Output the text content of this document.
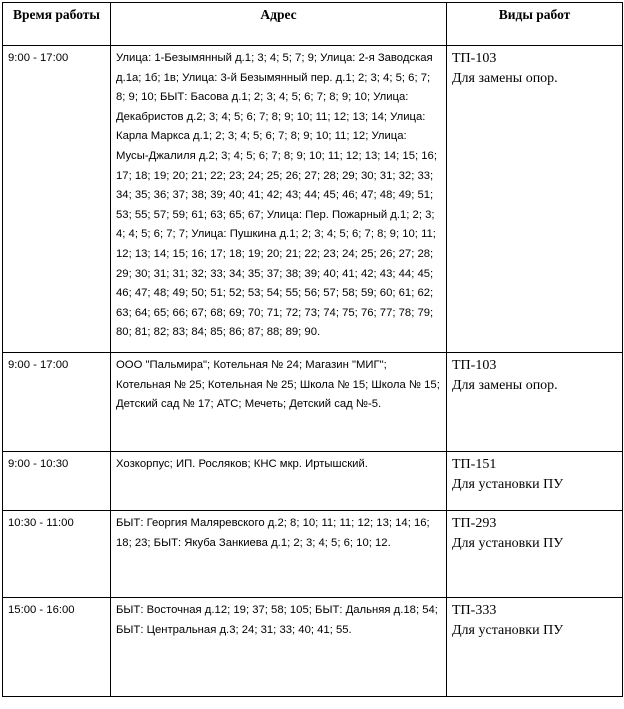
Время работы	Адрес	Виды работ
9:00 - 17:00	Улица: 1-Безымянный д.1; 3; 4; 5; 7; 9; Улица: 2-я Заводская д.1а; 1б; 1в; Улица: 3-й Безымянный пер. д.1; 2; 3; 4; 5; 6; 7; 8; 9; 10; БЫТ: Басова д.1; 2; 3; 4; 5; 6; 7; 8; 9; 10; Улица: Декабристов д.2; 3; 4; 5; 6; 7; 8; 9; 10; 11; 12; 13; 14; Улица: Карла Маркса д.1; 2; 3; 4; 5; 6; 7; 8; 9; 10; 11; 12; Улица: Мусы-Джалиля д.2; 3; 4; 5; 6; 7; 8; 9; 10; 11; 12; 13; 14; 15; 16; 17; 18; 19; 20; 21; 22; 23; 24; 25; 26; 27; 28; 29; 30; 31; 32; 33; 34; 35; 36; 37; 38; 39; 40; 41; 42; 43; 44; 45; 46; 47; 48; 49; 51; 53; 55; 57; 59; 61; 63; 65; 67; Улица: Пер. Пожарный д.1; 2; 3; 4; 4; 5; 6; 7; 7; Улица: Пушкина д.1; 2; 3; 4; 5; 6; 7; 8; 9; 10; 11; 12; 13; 14; 15; 16; 17; 18; 19; 20; 21; 22; 23; 24; 25; 26; 27; 28; 29; 30; 31; 31; 32; 33; 34; 35; 37; 38; 39; 40; 41; 42; 43; 44; 45; 46; 47; 48; 49; 50; 51; 52; 53; 54; 55; 56; 57; 58; 59; 60; 61; 62; 63; 64; 65; 66; 67; 68; 69; 70; 71; 72; 73; 74; 75; 76; 77; 78; 79; 80; 81; 82; 83; 84; 85; 86; 87; 88; 89; 90.	ТП-103
Для замены опор.

9:00 - 17:00	ООО "Пальмира"; Котельная № 24; Магазин "МИГ"; Котельная № 25; Котельная № 25; Школа № 15; Школа № 15; Детский сад № 17; АТС; Мечеть; Детский сад №-5.	ТП-103
Для замены опор.

9:00 - 10:30	Хозкорпус; ИП. Росляков; КНС мкр. Иртышский.	ТП-151
Для установки ПУ

10:30 - 11:00	БЫТ: Георгия Маляревского д.2; 8; 10; 11; 11; 12; 13; 14; 16; 18; 23; БЫТ: Якуба Занкиева д.1; 2; 3; 4; 5; 6; 10; 12.	ТП-293
Для установки ПУ

15:00 - 16:00	БЫТ: Восточная д.12; 19; 37; 58; 105; БЫТ: Дальняя д.18; 54; БЫТ: Центральная д.3; 24; 31; 33; 40; 41; 55.	ТП-333
Для установки ПУ
